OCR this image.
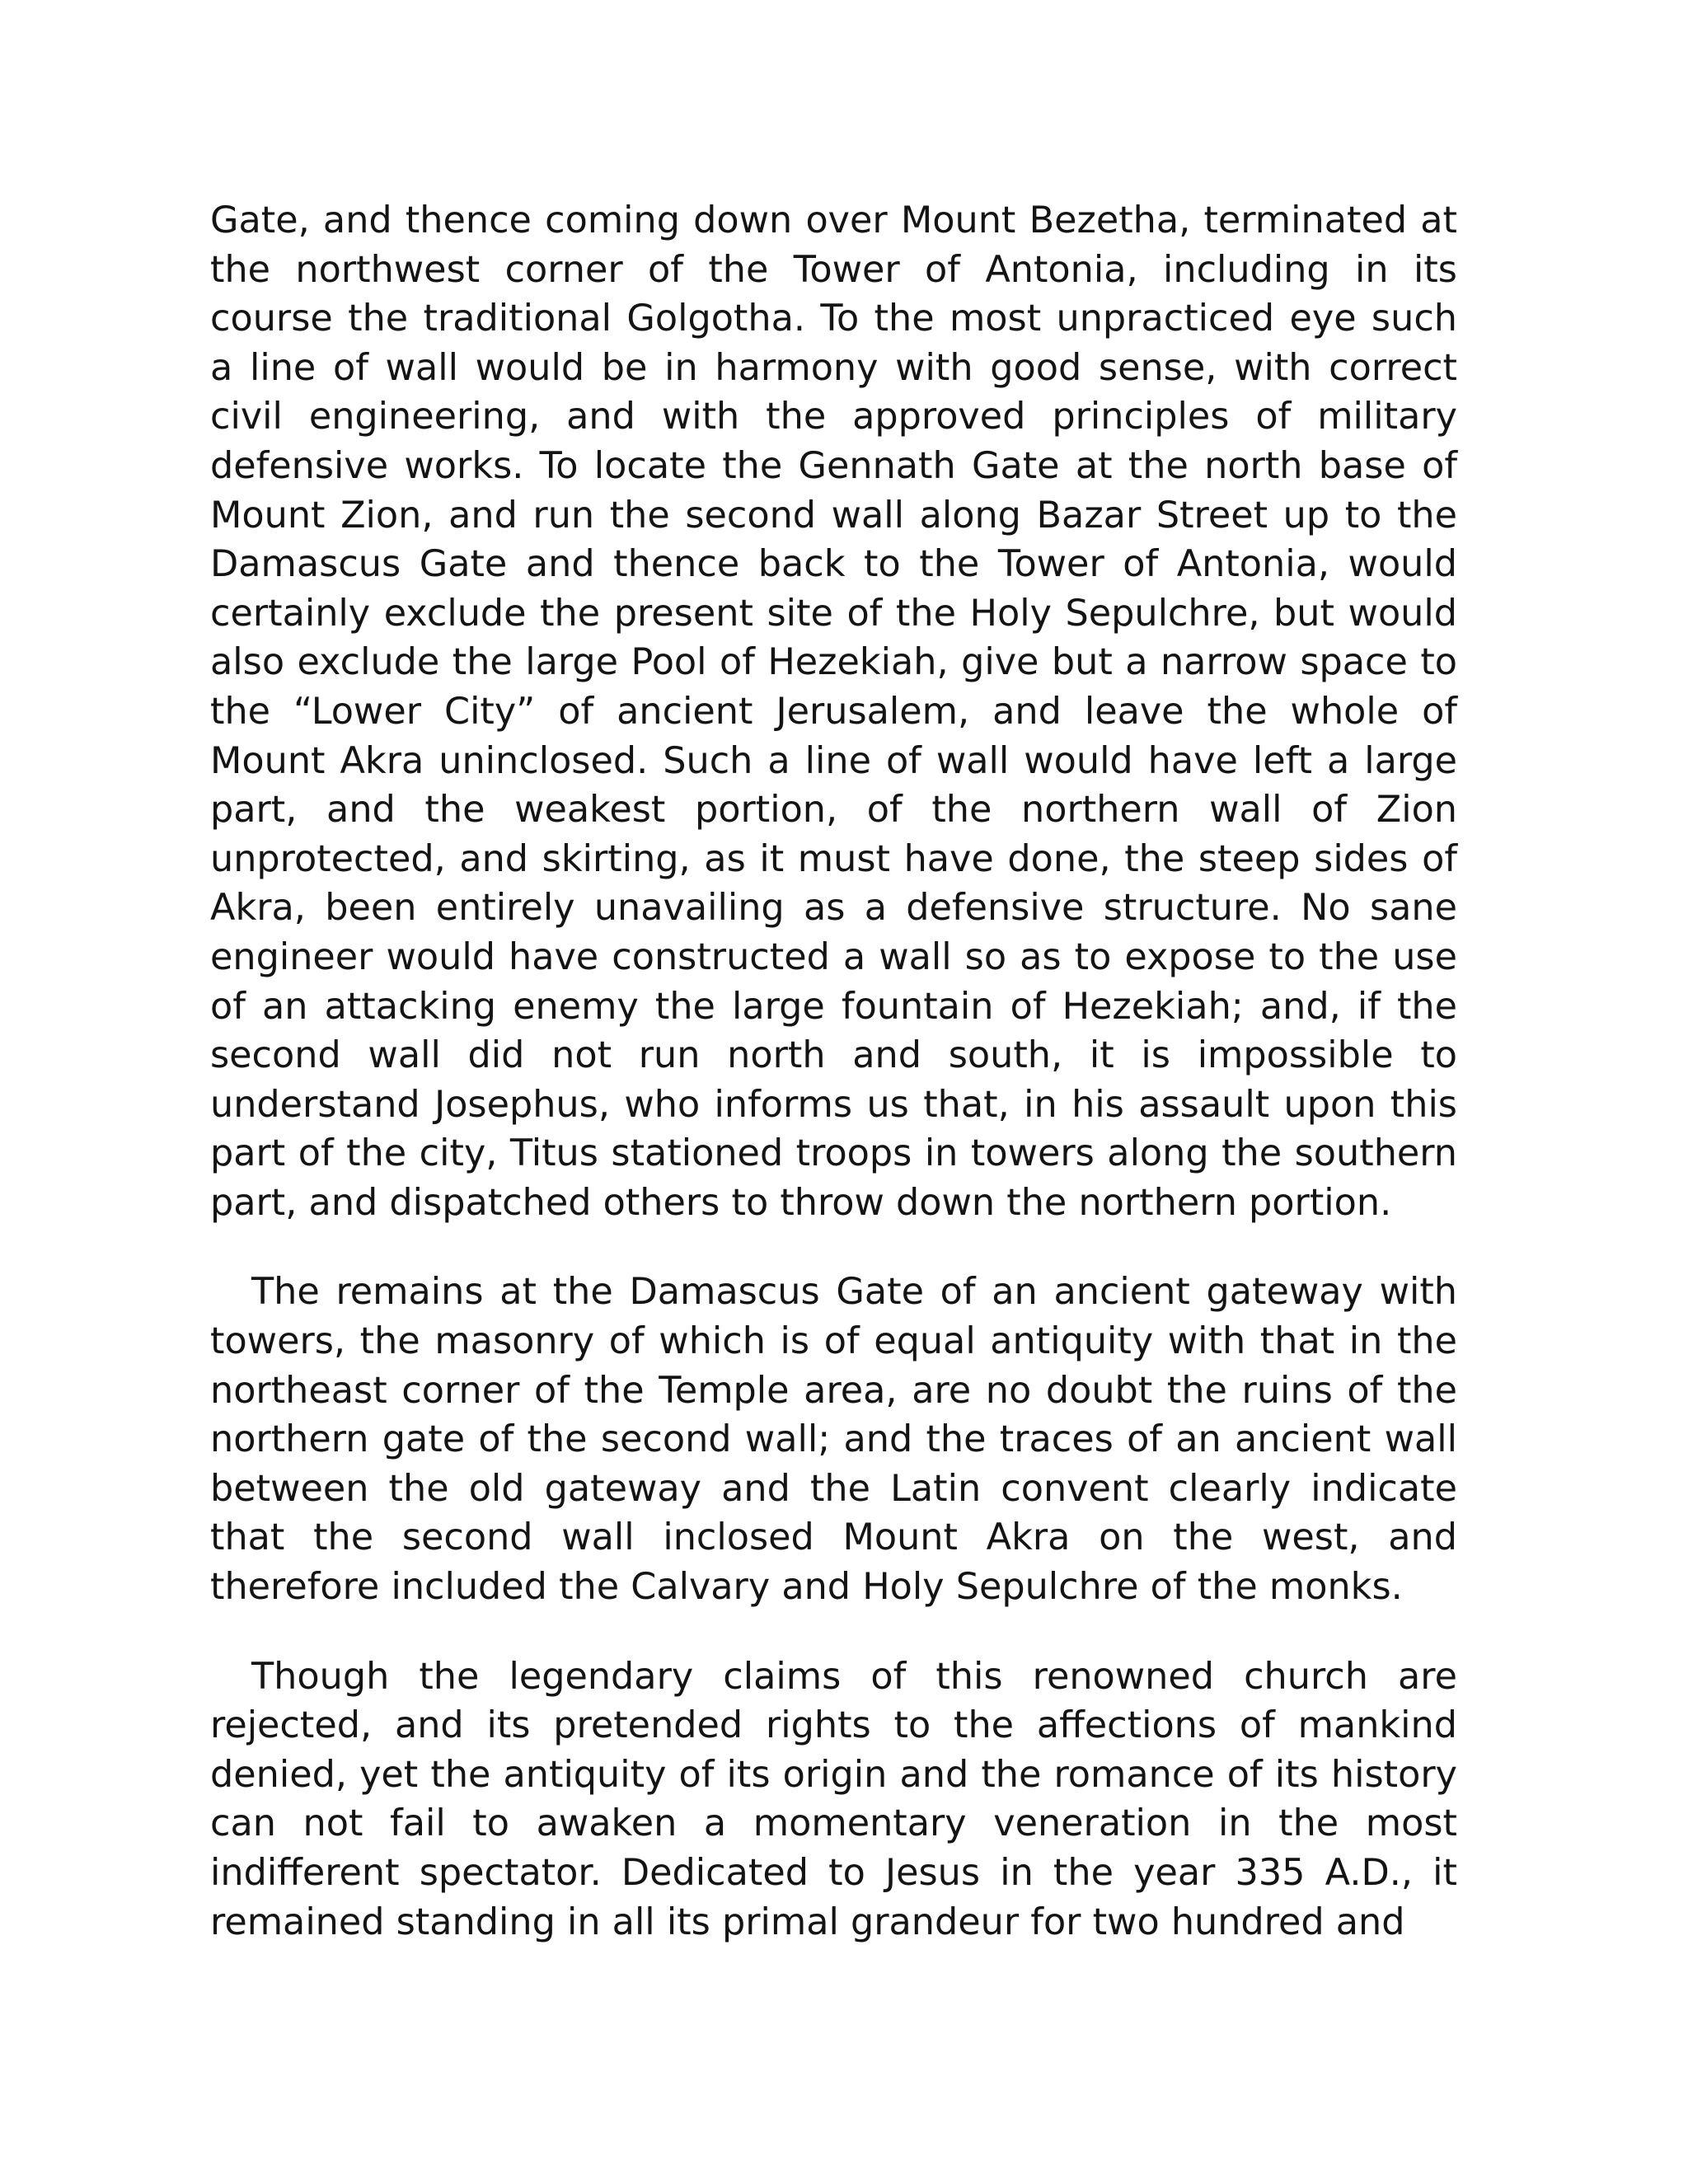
Gate, and thence coming down over Mount Bezetha, terminated at the northwest corner of the Tower of Antonia, including in its course the traditional Golgotha. To the most unpracticed eye such a line of wall would be in harmony with good sense, with correct civil engineering, and with the approved principles of military defensive works. To locate the Gennath Gate at the north base of Mount Zion, and run the second wall along Bazar Street up to the Damascus Gate and thence back to the Tower of Antonia, would certainly exclude the present site of the Holy Sepulchre, but would also exclude the large Pool of Hezekiah, give but a narrow space to the “Lower City” of ancient Jerusalem, and leave the whole of Mount Akra uninclosed. Such a line of wall would have left a large part, and the weakest portion, of the northern wall of Zion unprotected, and skirting, as it must have done, the steep sides of Akra, been entirely unavailing as a defensive structure. No sane engineer would have constructed a wall so as to expose to the use of an attacking enemy the large fountain of Hezekiah; and, if the second wall did not run north and south, it is impossible to understand Josephus, who informs us that, in his assault upon this part of the city, Titus stationed troops in towers along the southern part, and dispatched others to throw down the northern portion.

The remains at the Damascus Gate of an ancient gateway with towers, the masonry of which is of equal antiquity with that in the northeast corner of the Temple area, are no doubt the ruins of the northern gate of the second wall; and the traces of an ancient wall between the old gateway and the Latin convent clearly indicate that the second wall inclosed Mount Akra on the west, and therefore included the Calvary and Holy Sepulchre of the monks.

Though the legendary claims of this renowned church are rejected, and its pretended rights to the affections of mankind denied, yet the antiquity of its origin and the romance of its history can not fail to awaken a momentary veneration in the most indifferent spectator. Dedicated to Jesus in the year 335 A.D., it remained standing in all its primal grandeur for two hundred and
